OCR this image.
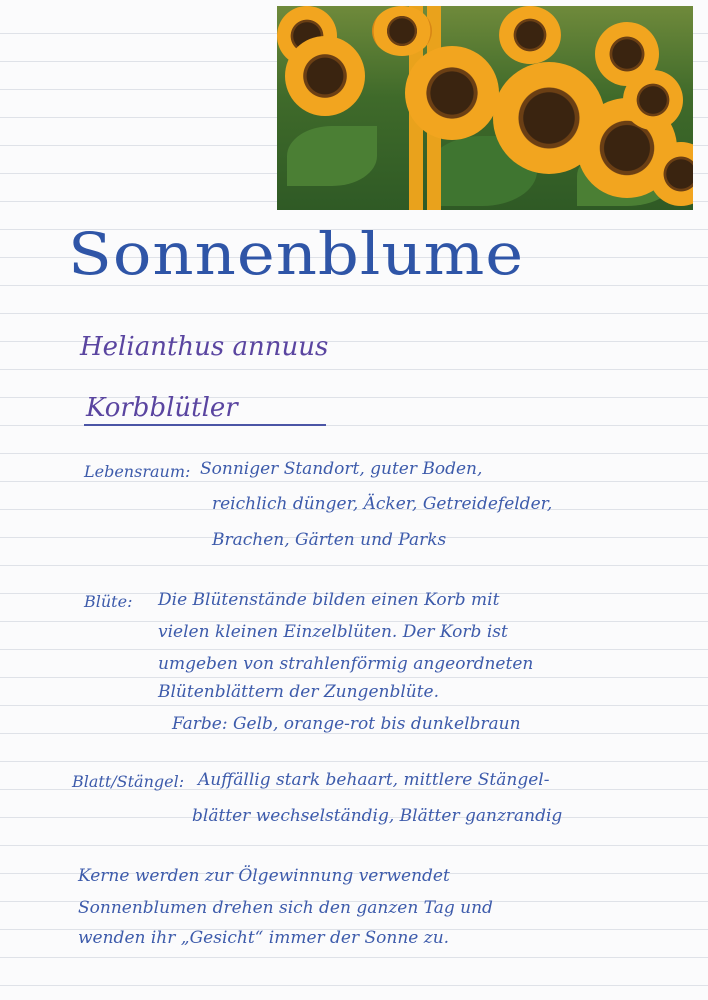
Sonnenblume

Helianthus annuus

Korbblütler

Lebensraum: Sonniger Standort, guter Boden,

reichlich dünger, Äcker, Getreidefelder,

Brachen, Gärten und Parks

Blüte: Die Blütenstände bilden einen Korb mit

vielen kleinen Einzelblüten. Der Korb ist

umgeben von strahlenförmig angeordneten

Blütenblättern der Zungenblüte.

Farbe: Gelb, orange-rot bis dunkelbraun

Blatt/Stängel: Auffällig stark behaart, mittlere Stängel-

blätter wechselständig, Blätter ganzrandig

Kerne werden zur Ölgewinnung verwendet

Sonnenblumen drehen sich den ganzen Tag und

wenden ihr „Gesicht“ immer der Sonne zu.
